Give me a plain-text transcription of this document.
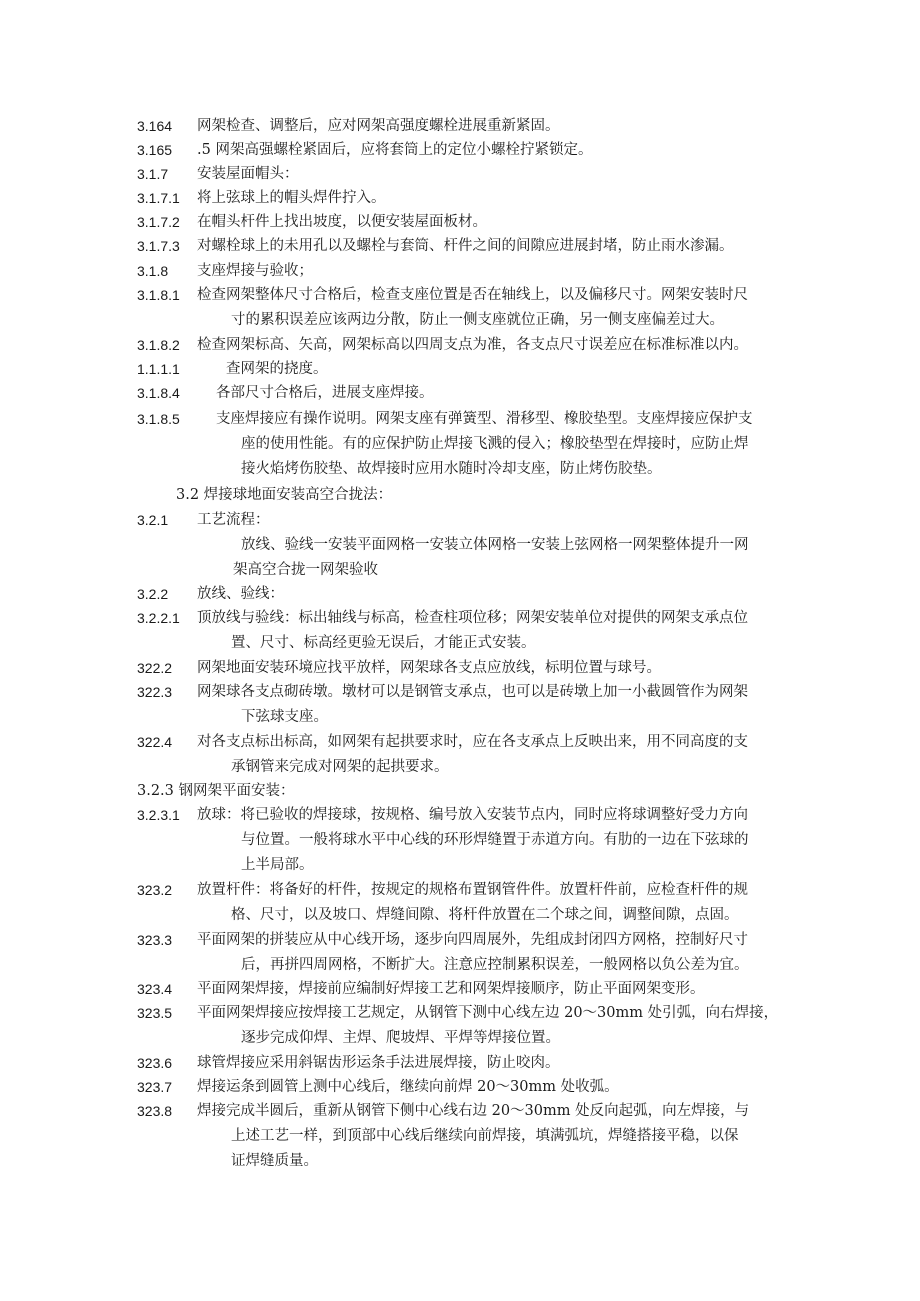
3.164 网架检查、调整后，应对网架高强度螺栓进展重新紧固。
3.165 .5 网架高强螺栓紧固后，应将套筒上的定位小螺栓拧紧锁定。
3.1.7 安装屋面帽头：
3.1.7.1 将上弦球上的帽头焊件拧入。
3.1.7.2 在帽头杆件上找出坡度，以便安装屋面板材。
3.1.7.3 对螺栓球上的未用孔以及螺栓与套筒、杆件之间的间隙应进展封堵，防止雨水渗漏。
3.1.8 支座焊接与验收；
3.1.8.1 检查网架整体尺寸合格后，检查支座位置是否在轴线上，以及偏移尺寸。网架安装时尺
寸的累积误差应该两边分散，防止一侧支座就位正确，另一侧支座偏差过大。
3.1.8.2 检查网架标高、矢高，网架标高以四周支点为准，各支点尺寸误差应在标准标准以内。
1.1.1.1	查网架的挠度。
3.1.8.4 各部尺寸合格后，进展支座焊接。
3.1.8.5 支座焊接应有操作说明。网架支座有弹簧型、滑移型、橡胶垫型。支座焊接应保护支
座的使用性能。有的应保护防止焊接飞溅的侵入；橡胶垫型在焊接时，应防止焊
接火焰烤伤胶垫、故焊接时应用水随时冷却支座，防止烤伤胶垫。
3.2 焊接球地面安装高空合拢法：
3.2.1 工艺流程：
放线、验线一安装平面网格一安装立体网格一安装上弦网格一网架整体提升一网
架高空合拢一网架验收
3.2.2 放线、验线：
3.2.2.1 顶放线与验线：标出轴线与标高，检查柱项位移；网架安装单位对提供的网架支承点位
置、尺寸、标高经更验无误后，才能正式安装。
322.2 网架地面安装环境应找平放样，网架球各支点应放线，标明位置与球号。
322.3 网架球各支点砌砖墩。墩材可以是钢管支承点，也可以是砖墩上加一小截圆管作为网架
下弦球支座。
322.4 对各支点标出标高，如网架有起拱要求时，应在各支承点上反映出来，用不同高度的支
承钢管来完成对网架的起拱要求。
3.2.3 钢网架平面安装：
3.2.3.1 放球：将已验收的焊接球，按规格、编号放入安装节点内，同时应将球调整好受力方向
与位置。一般将球水平中心线的环形焊缝置于赤道方向。有肋的一边在下弦球的
上半局部。
323.2 放置杆件：将备好的杆件，按规定的规格布置钢管件件。放置杆件前，应检查杆件的规
格、尺寸，以及坡口、焊缝间隙、将杆件放置在二个球之间，调整间隙，点固。
323.3 平面网架的拼装应从中心线开场，逐步向四周展外，先组成封闭四方网格，控制好尺寸
后，再拼四周网格，不断扩大。注意应控制累积误差，一般网格以负公差为宜。
323.4 平面网架焊接，焊接前应编制好焊接工艺和网架焊接顺序，防止平面网架变形。
323.5 平面网架焊接应按焊接工艺规定，从钢管下测中心线左边 20～30mm 处引弧，向右焊接，
逐步完成仰焊、主焊、爬坡焊、平焊等焊接位置。
323.6 球管焊接应采用斜锯齿形运条手法进展焊接，防止咬肉。
323.7 焊接运条到圆管上测中心线后，继续向前焊 20～30mm 处收弧。
323.8 焊接完成半圆后，重新从钢管下侧中心线右边 20～30mm 处反向起弧，向左焊接，与
上述工艺一样，到顶部中心线后继续向前焊接，填满弧坑，焊缝搭接平稳，以保
证焊缝质量。
